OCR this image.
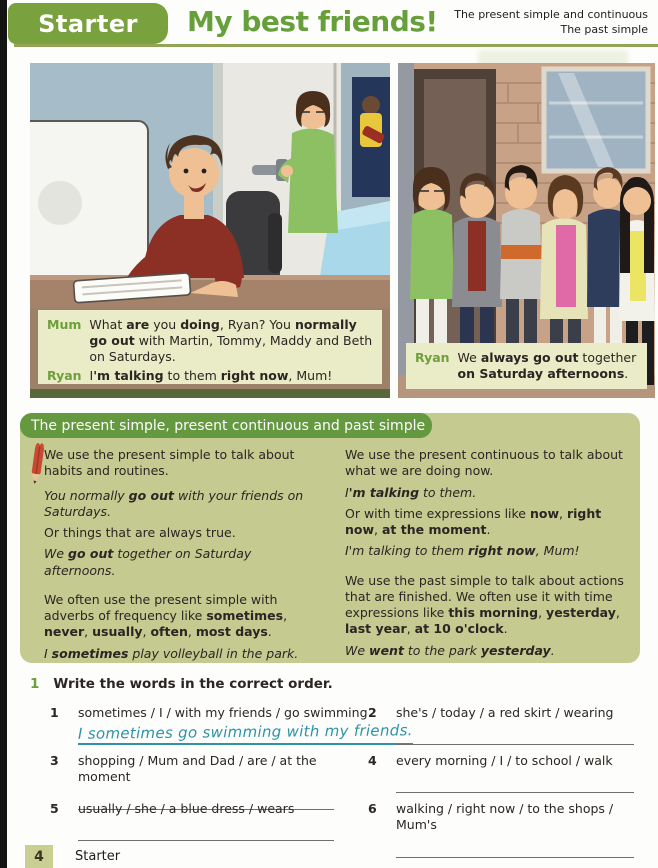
Starter My best friends! The present simple and continuous
The past simple
Mum What are you doing, Ryan? You normally go out with Martin, Tommy, Maddy and Beth on Saturdays.
Ryan I'm talking to them right now, Mum!
Ryan We always go out together on Saturday afternoons.
The present simple, present continuous and past simple

We use the present simple to talk about habits and routines.

You normally go out with your friends on Saturdays.

Or things that are always true.

We go out together on Saturday afternoons.

We often use the present simple with adverbs of frequency like sometimes, never, usually, often, most days.

I sometimes play volleyball in the park.

We use the present continuous to talk about what we are doing now.

I'm talking to them.

Or with time expressions like now, right now, at the moment.

I'm talking to them right now, Mum!

We use the past simple to talk about actions that are finished. We often use it with time expressions like this morning, yesterday, last year, at 10 o'clock.

We went to the park yesterday.

1 Write the words in the correct order.
1	sometimes / I / with my friends / go swimming
I sometimes go swimming with my friends.
2	she's / today / a red skirt / wearing
3	shopping / Mum and Dad / are / at the moment
4	every morning / I / to school / walk
5	usually / she / a blue dress / wears	6	walking / right now / to the shops / Mum's
4	Starter
